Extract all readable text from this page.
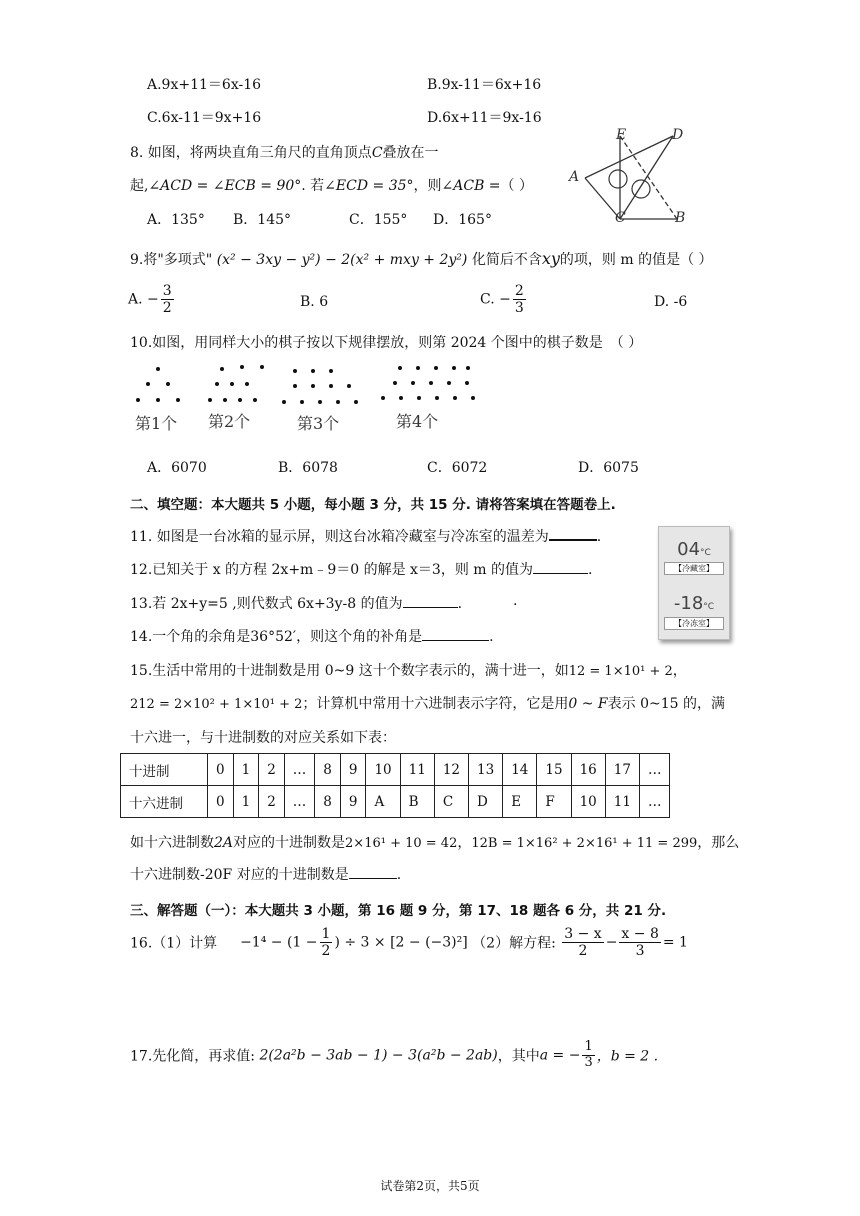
A.9x+11＝6x-16	B.9x-11＝6x+16
C.6x-11＝9x+16	D.6x+11＝9x-16
8. 如图，将两块直角三角尺的直角顶点C叠放在一
起,∠ACD = ∠ECB = 90°. 若∠ECD = 35°，则∠ACB =（ ）
A．135° B．145°	C．155° D．165°
E	D
A
C	B
9.将"多项式" (x² − 3xy − y²) − 2(x² + mxy + 2y²) 化简后不含xy的项，则 m 的值是（ ）
A. − $\frac{3}{2}$	B. 6	C. − $\frac{2}{3}$	D. -6
10.如图，用同样大小的棋子按以下规律摆放，则第 2024 个图中的棋子数是　（ ）
第1个 第2个	第3个	第4个
A．6070	B．6078	C．6072	D．6075
二、填空题：本大题共 5 小题，每小题 3 分，共 15 分. 请将答案填在答题卷上.
11. 如图是一台冰箱的显示屏，则这台冰箱冷藏室与冷冻室的温差为	.
04°C
【冷藏室】
-18°C
【冷冻室】
12.已知关于 x 的方程 2x+m﹣9＝0 的解是 x＝3，则 m 的值为	.
13.若 2x+y=5 ,则代数式 6x+3y-8 的值为	.	.
14.一个角的余角是36°52′，则这个角的补角是	.
15.生活中常用的十进制数是用 0~9 这十个数字表示的，满十进一，如12 = 1×10¹ + 2，
212 = 2×10² + 1×10¹ + 2；计算机中常用十六进制表示字符，它是用0 ~ F表示 0~15 的，满
十六进一，与十进制数的对应关系如下表：
十进制	0	1	2	…	8	9	10	11	12	13	14	15	16	17	…
十六进制	0	1	2	…	8	9	A	B	C	D	E	F	10	11	…
如十六进制数2A对应的十进制数是2×16¹ + 10 = 42，12B = 1×16² + 2×16¹ + 11 = 299，那么
十六进制数-20F 对应的十进制数是	.
三、解答题（一）：本大题共 3 小题，第 16 题 9 分，第 17、18 题各 6 分，共 21 分.
16.（1）计算 $-1^4 - (1 - \frac{1}{2}$ ) ÷ 3 × [2 − (−3)²] （2）解方程: $\frac{3 - x}{2} - \frac{x - 8}{3} = 1$
17.先化简，再求值: 2(2a²b − 3ab − 1) − 3(a²b − 2ab)，其中a = − $\frac{1}{3}$ ，b = 2 .
试卷第2页，共5页
